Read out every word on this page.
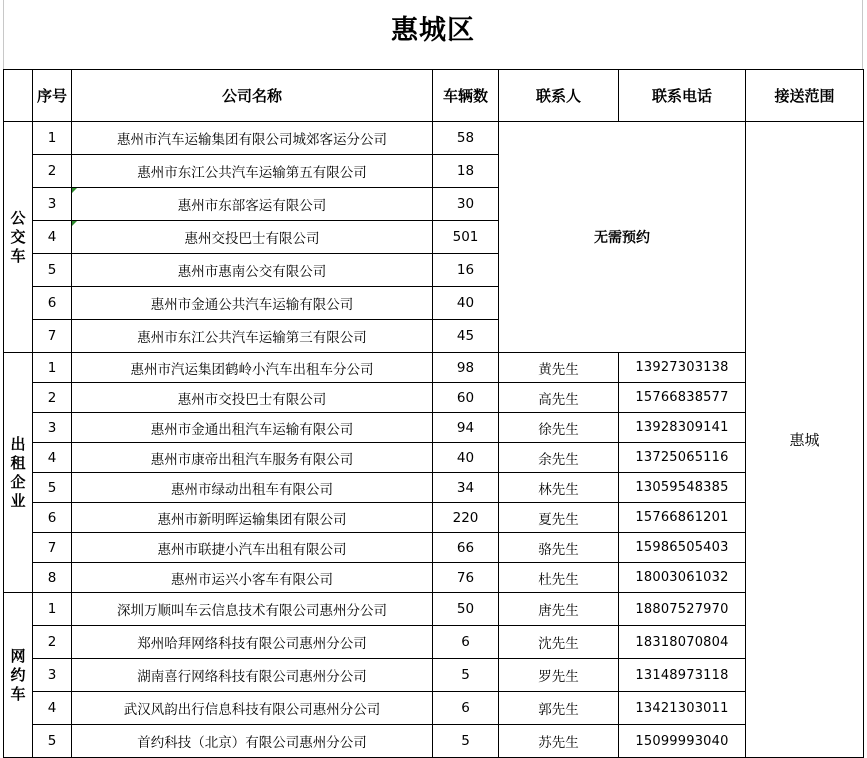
惠城区
	序号	公司名称	车辆数	联系人	联系电话	接送范围
公交车	1	惠州市汽车运输集团有限公司城郊客运分公司	58	无需预约		惠城
	2	惠州市东江公共汽车运输第五有限公司	18			
	3	惠州市东部客运有限公司	30			
	4	惠州交投巴士有限公司	501			
	5	惠州市惠南公交有限公司	16			
	6	惠州市金通公共汽车运输有限公司	40			
	7	惠州市东江公共汽车运输第三有限公司	45			
出租企业	1	惠州市汽运集团鹤岭小汽车出租车分公司	98	黄先生	13927303138	
	2	惠州市交投巴士有限公司	60	高先生	15766838577	
	3	惠州市金通出租汽车运输有限公司	94	徐先生	13928309141	
	4	惠州市康帝出租汽车服务有限公司	40	余先生	13725065116	
	5	惠州市绿动出租车有限公司	34	林先生	13059548385	
	6	惠州市新明晖运输集团有限公司	220	夏先生	15766861201	
	7	惠州市联捷小汽车出租有限公司	66	骆先生	15986505403	
	8	惠州市运兴小客车有限公司	76	杜先生	18003061032	
网约车	1	深圳万顺叫车云信息技术有限公司惠州分公司	50	唐先生	18807527970	
	2	郑州哈拜网络科技有限公司惠州分公司	6	沈先生	18318070804	
	3	湖南喜行网络科技有限公司惠州分公司	5	罗先生	13148973118	
	4	武汉风韵出行信息科技有限公司惠州分公司	6	郭先生	13421303011	
	5	首约科技（北京）有限公司惠州分公司	5	苏先生	15099993040	
